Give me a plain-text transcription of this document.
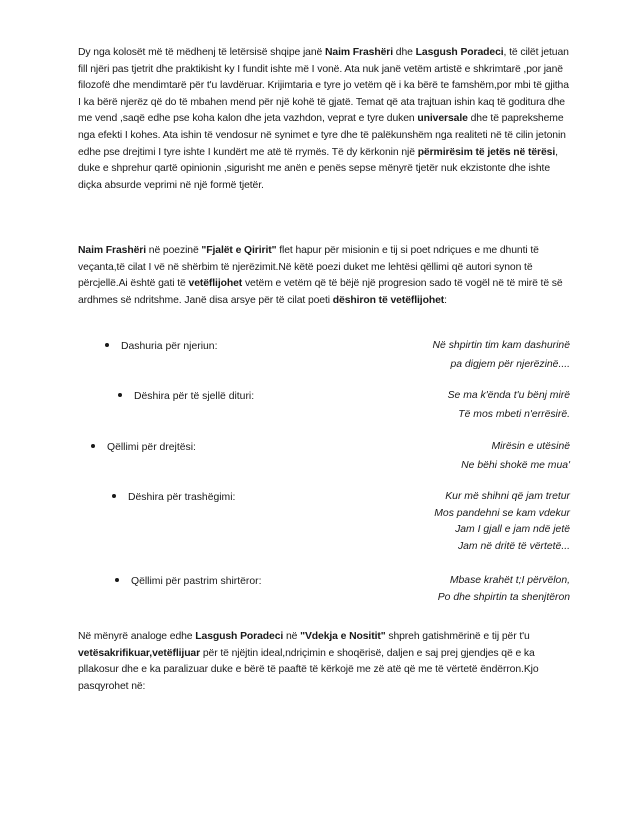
Dy nga kolosët më të mëdhenj të letërsisë shqipe janë Naim Frashëri dhe Lasgush Poradeci, të cilët jetuan fill njëri pas tjetrit dhe praktikisht ky I fundit ishte më I vonë. Ata nuk janë vetëm artistë e shkrimtarë ,por janë filozofë dhe mendimtarë për t'u lavdëruar. Krijimtaria e tyre jo vetëm që i ka bërë te famshëm,por mbi të gjitha I ka bërë njerëz që do të mbahen mend për një kohë të gjatë. Temat që ata trajtuan ishin kaq të goditura dhe me vend ,saqë edhe pse koha kalon dhe jeta vazhdon, veprat e tyre duken universale dhe të papreksheme nga efekti I kohes. Ata ishin të vendosur në synimet e tyre dhe të palëkunshëm nga realiteti në të cilin jetonin edhe pse drejtimi I tyre ishte I kundërt me atë të rrymës. Të dy kërkonin një përmirësim të jetës në tërësi, duke e shprehur qartë opinionin ,sigurisht me anën e penës sepse mënyrë tjetër nuk ekzistonte dhe ishte diçka absurde veprimi në një formë tjetër.
Naim Frashëri në poezinë "Fjalët e Qiririt" flet hapur për misionin e tij si poet ndriçues e me dhunti të veçanta,të cilat I vë në shërbim të njerëzimit.Në këtë poezi duket me lehtësi qëllimi që autori synon të përcjellë.Ai është gati të vetëflijohet vetëm e vetëm që të bëjë një progresion sado të vogël në të mirë të së ardhmes së ndritshme. Janë disa arsye për të cilat poeti dëshiron të vetëflijohet:
Dashuria për njeriun:	Në shpirtin tim kam dashurinë
pa digjem për njerëzinë....
Dëshira për të sjellë dituri:	Se ma k'ënda t'u bënj mirë
Të mos mbeti n'errësirë.
Qëllimi për drejtësi:	Mirësin e utësinë
Ne bëhi shokë me mua'
Dëshira për trashëgimi:	Kur më shihni që jam tretur
Mos pandehni se kam vdekur
Jam I gjall e jam ndë jetë
Jam në dritë të vërtetë...
Qëllimi për pastrim shirtëror:	Mbase krahët t;I përvëlon,
Po dhe shpirtin ta shenjtëron
Në mënyrë analoge edhe Lasgush Poradeci në "Vdekja e Nositit" shpreh gatishmërinë e tij për t'u vetësakrifikuar,vetëflijuar për të njëjtin ideal,ndriçimin e shoqërisë, daljen e saj prej gjendjes që e ka pllakosur dhe e ka paralizuar duke e bërë të paaftë të kërkojë me zë atë që me të vërtetë ëndërron.Kjo pasqyrohet në:
